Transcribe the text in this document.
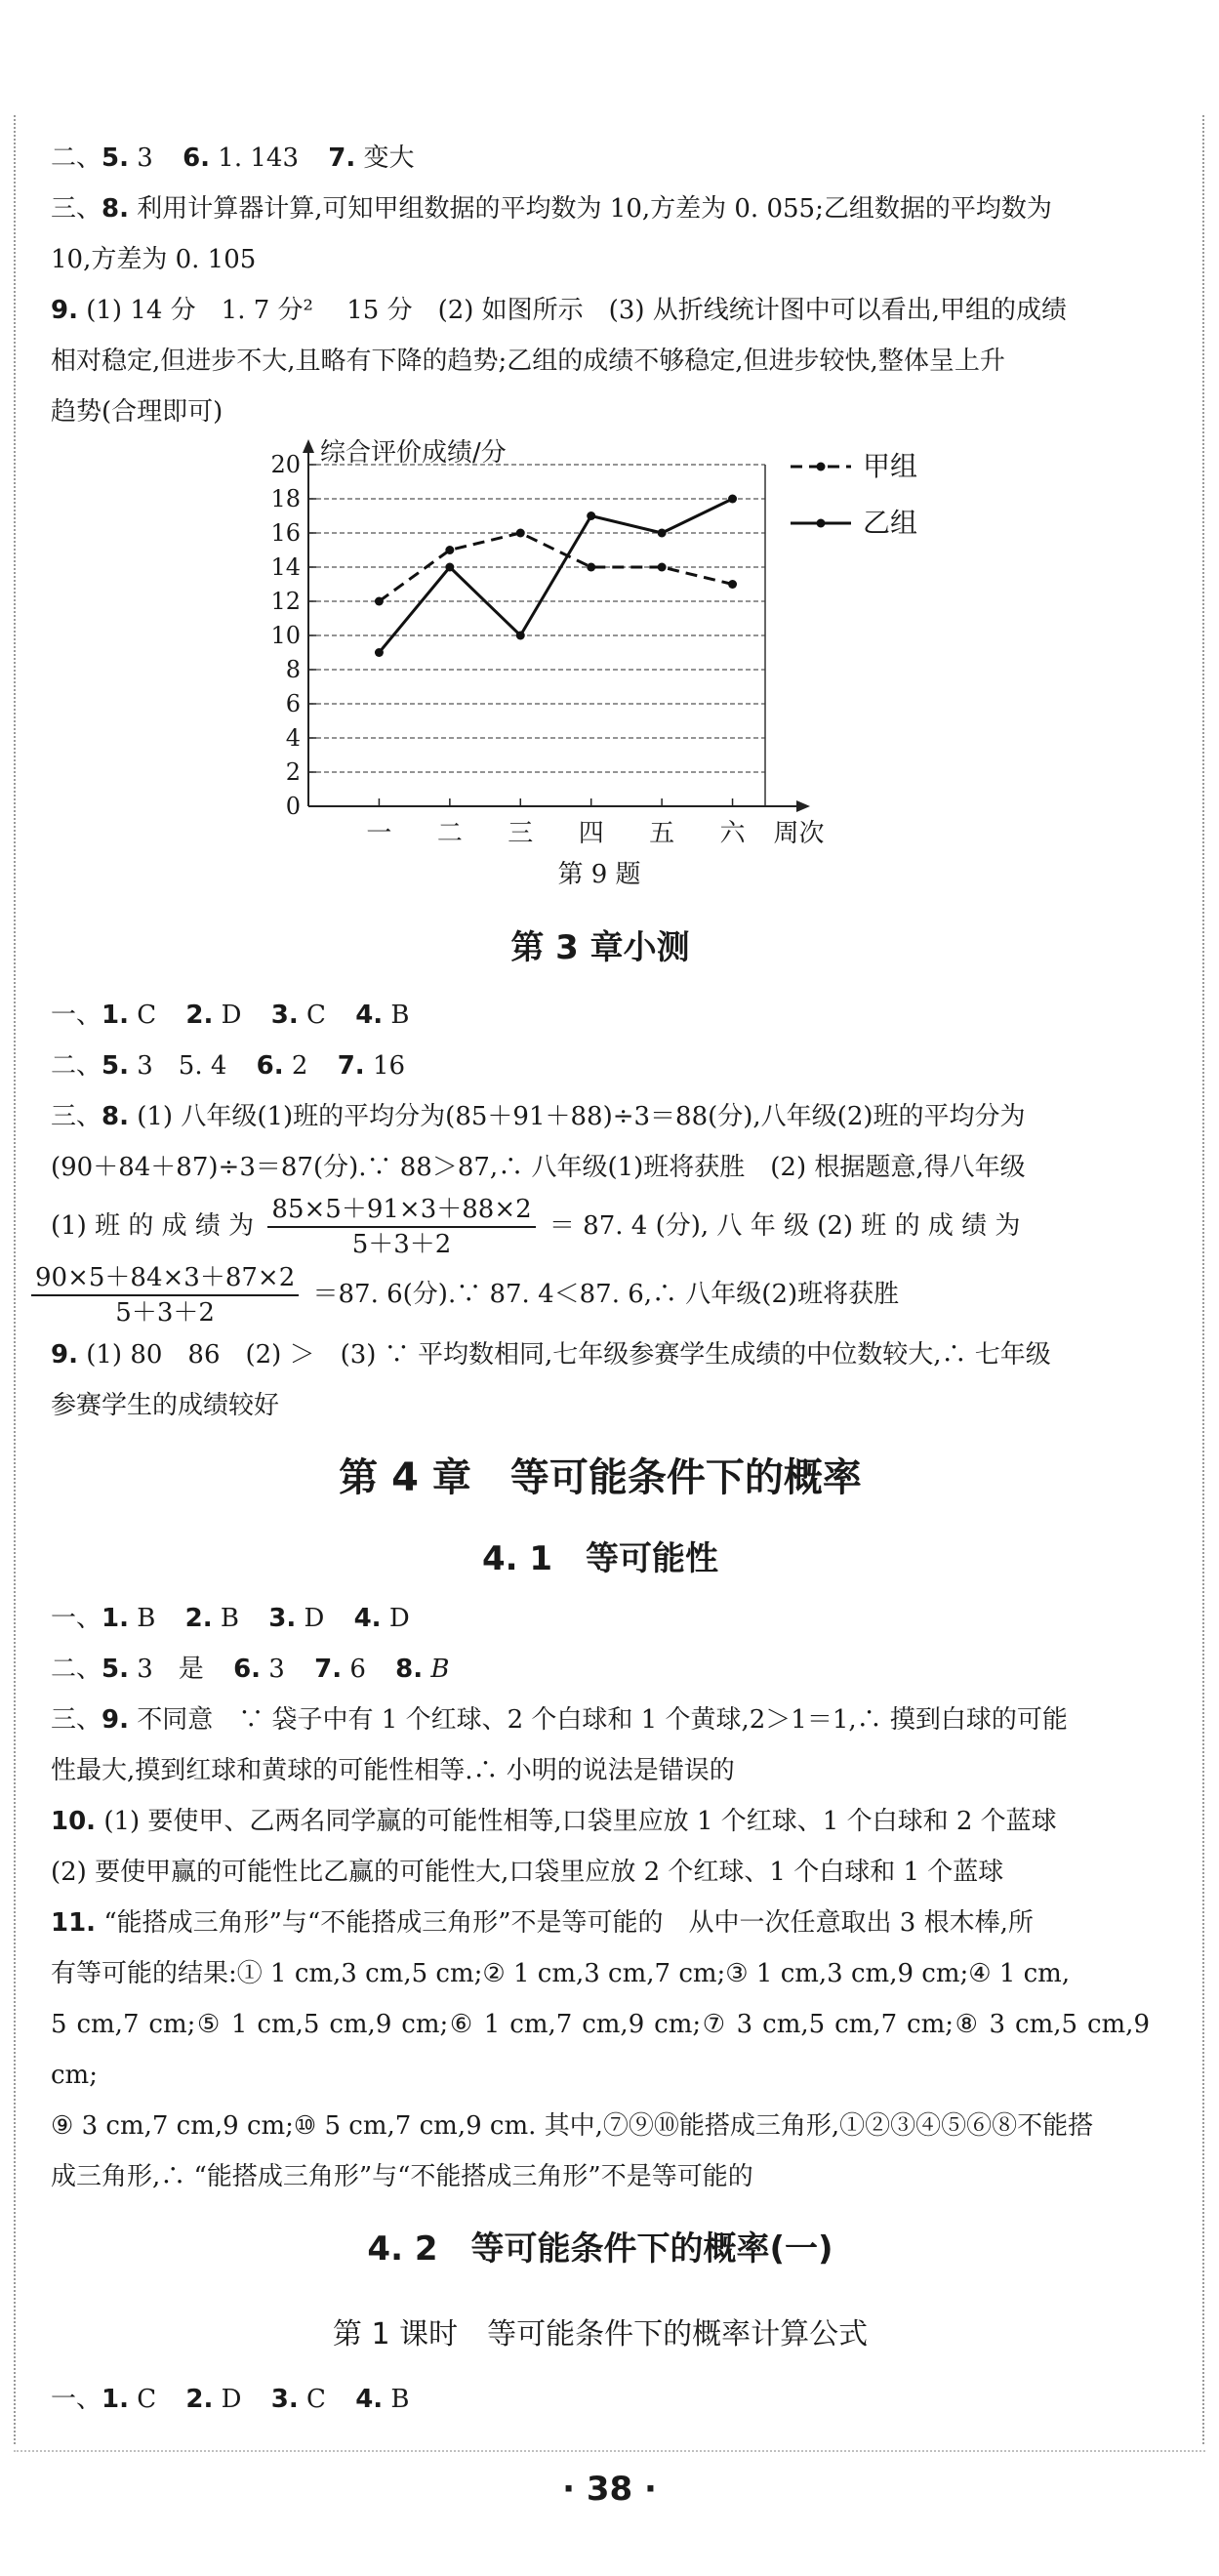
二、5. 3 6. 1. 143 7. 变大

三、8. 利用计算器计算,可知甲组数据的平均数为 10,方差为 0. 055;乙组数据的平均数为

10,方差为 0. 105

9. (1) 14 分　1. 7 分² 　15 分　(2) 如图所示　(3) 从折线统计图中可以看出,甲组的成绩

相对稳定,但进步不大,且略有下降的趋势;乙组的成绩不够稳定,但进步较快,整体呈上升

趋势(合理即可)

0
2
4
6
8
10
12
14
16
18
20 综合评价成绩/分
一 二 三 四 五 六 周次
甲组
乙组
第 9 题

第 3 章小测

一、1. C 2. D 3. C 4. B

二、5. 3　5. 4 6. 2 7. 16

三、8. (1) 八年级(1)班的平均分为(85＋91＋88)÷3＝88(分),八年级(2)班的平均分为

(90＋84＋87)÷3＝87(分).∵ 88＞87,∴ 八年级(1)班将获胜　(2) 根据题意,得八年级

(1) 班 的 成 绩 为 $\frac{85\times 5+91\times 3+88\times 2}{5+3+2} = 87$. 4 (分), 八 年 级 (2) 班 的 成 绩 为

$\frac{90\times 5+84\times 3+87\times 2}{5+3+2} =87$. 6(分).∵ 87. 4＜87. 6,∴ 八年级(2)班将获胜

9. (1) 80　86　(2) ＞　(3) ∵ 平均数相同,七年级参赛学生成绩的中位数较大,∴ 七年级

参赛学生的成绩较好

第 4 章　等可能条件下的概率

4. 1　等可能性

一、1. B 2. B 3. D 4. D

二、5. 3　是 6. 3 7. 6 8. B

三、9. 不同意　∵ 袋子中有 1 个红球、2 个白球和 1 个黄球,2＞1＝1,∴ 摸到白球的可能

性最大,摸到红球和黄球的可能性相等.∴ 小明的说法是错误的

10. (1) 要使甲、乙两名同学赢的可能性相等,口袋里应放 1 个红球、1 个白球和 2 个蓝球

(2) 要使甲赢的可能性比乙赢的可能性大,口袋里应放 2 个红球、1 个白球和 1 个蓝球

11. “能搭成三角形”与“不能搭成三角形”不是等可能的　从中一次任意取出 3 根木棒,所

有等可能的结果:① 1 cm,3 cm,5 cm;② 1 cm,3 cm,7 cm;③ 1 cm,3 cm,9 cm;④ 1 cm,

5 cm,7 cm;⑤ 1 cm,5 cm,9 cm;⑥ 1 cm,7 cm,9 cm;⑦ 3 cm,5 cm,7 cm;⑧ 3 cm,5 cm,9 cm;

⑨ 3 cm,7 cm,9 cm;⑩ 5 cm,7 cm,9 cm. 其中,⑦⑨⑩能搭成三角形,①②③④⑤⑥⑧不能搭

成三角形,∴ “能搭成三角形”与“不能搭成三角形”不是等可能的

4. 2　等可能条件下的概率(一)

第 1 课时　等可能条件下的概率计算公式

一、1. C 2. D 3. C 4. B

· 38 ·
